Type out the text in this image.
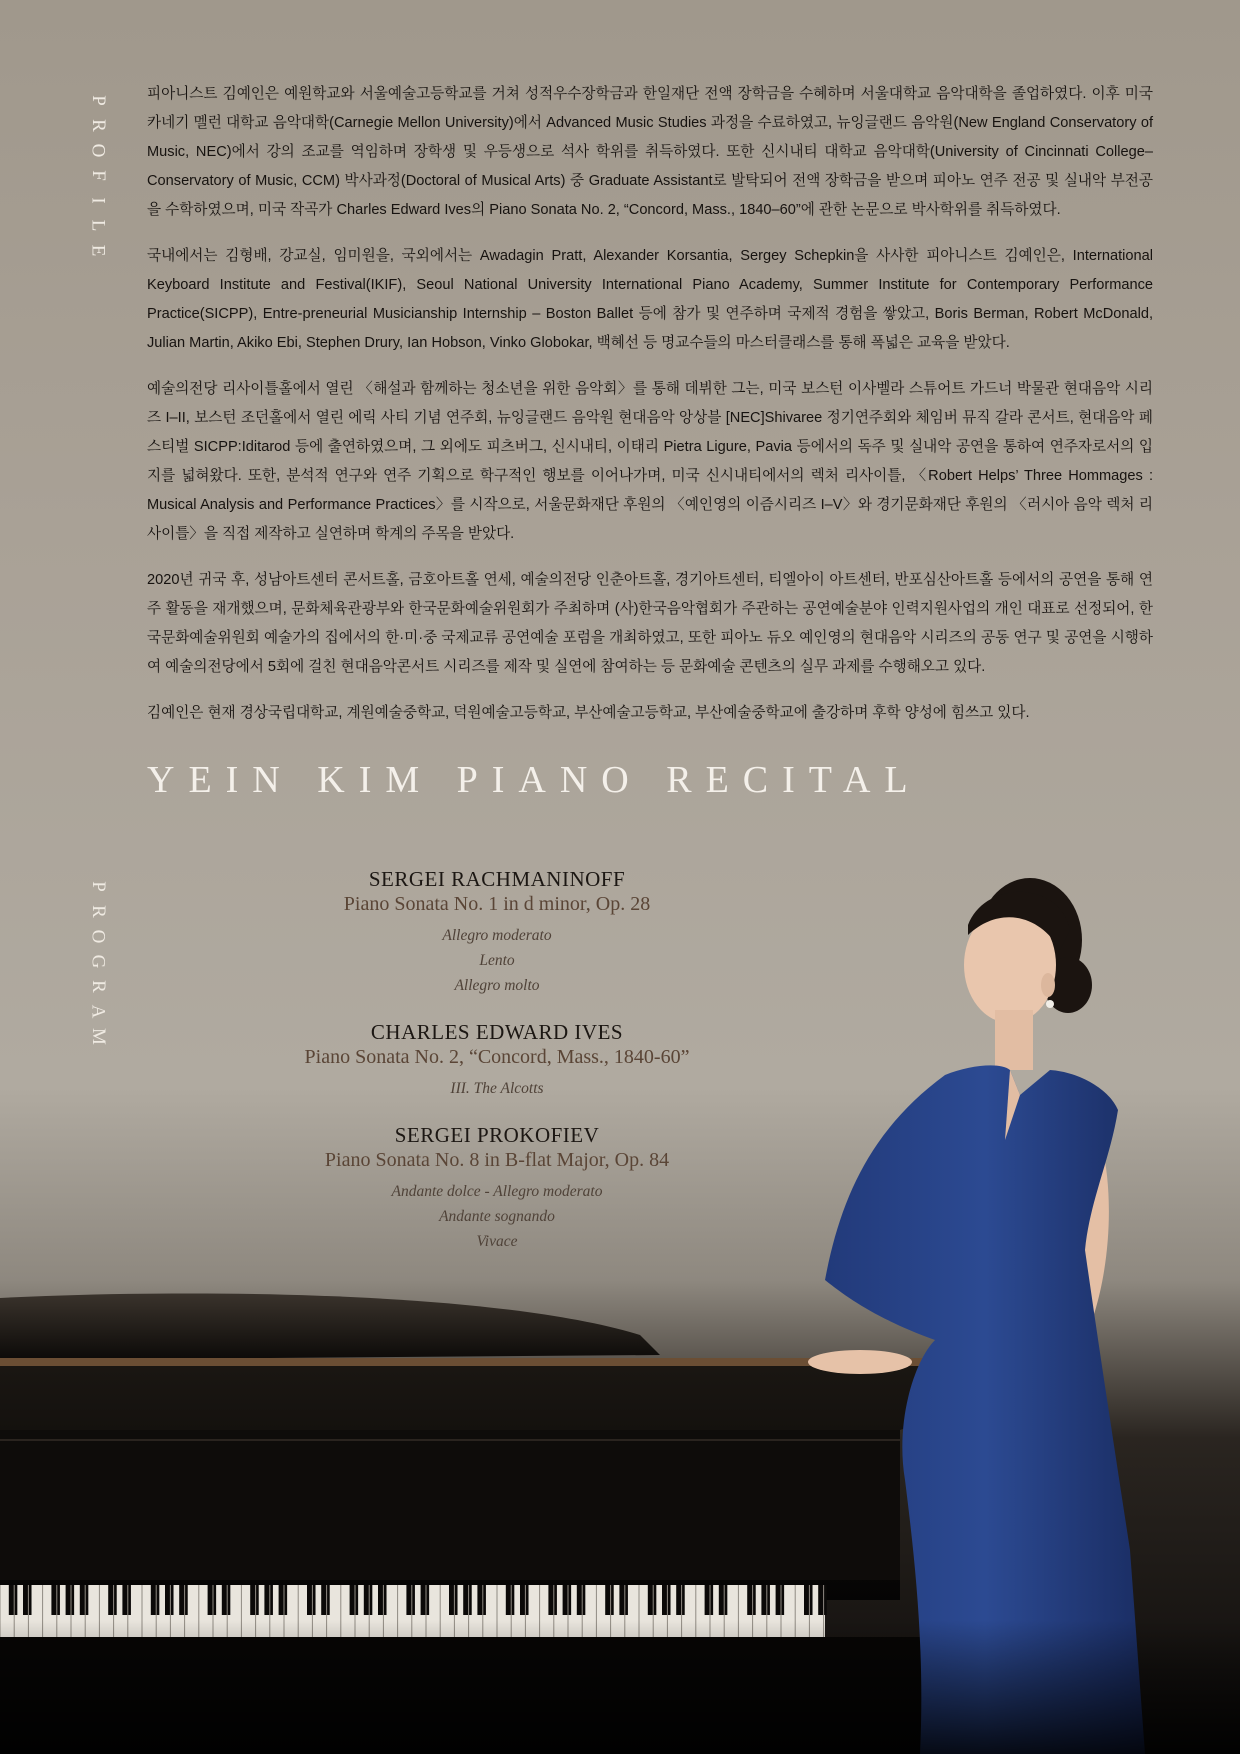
P
R
O
F
I
L
E
P
R
O
G
R
A
M

피아니스트 김예인은 예원학교와 서울예술고등학교를 거쳐 성적우수장학금과 한일재단 전액 장학금을 수혜하며 서울대학교 음악대학을 졸업하였다. 이후 미국 카네기 멜런 대학교 음악대학(Carnegie Mellon University)에서 Advanced Music Studies 과정을 수료하였고, 뉴잉글랜드 음악원(New England Conservatory of Music, NEC)에서 강의 조교를 역임하며 장학생 및 우등생으로 석사 학위를 취득하였다. 또한 신시내티 대학교 음악대학(University of Cincinnati College–Conservatory of Music, CCM) 박사과정(Doctoral of Musical Arts) 중 Graduate Assistant로 발탁되어 전액 장학금을 받으며 피아노 연주 전공 및 실내악 부전공을 수학하였으며, 미국 작곡가 Charles Edward Ives의 Piano Sonata No. 2, “Concord, Mass., 1840–60”에 관한 논문으로 박사학위를 취득하였다.

국내에서는 김형배, 강교실, 임미원을, 국외에서는 Awadagin Pratt, Alexander Korsantia, Sergey Schepkin을 사사한 피아니스트 김예인은, International Keyboard Institute and Festival(IKIF), Seoul National University International Piano Academy, Summer Institute for Contemporary Performance Practice(SICPP), Entre-preneurial Musicianship Internship – Boston Ballet 등에 참가 및 연주하며 국제적 경험을 쌓았고, Boris Berman, Robert McDonald, Julian Martin, Akiko Ebi, Stephen Drury, Ian Hobson, Vinko Globokar, 백혜선 등 명교수들의 마스터클래스를 통해 폭넓은 교육을 받았다.

예술의전당 리사이틀홀에서 열린 〈해설과 함께하는 청소년을 위한 음악회〉를 통해 데뷔한 그는, 미국 보스턴 이사벨라 스튜어트 가드너 박물관 현대음악 시리즈 I–II, 보스턴 조던홀에서 열린 에릭 사티 기념 연주회, 뉴잉글랜드 음악원 현대음악 앙상블 [NEC]Shivaree 정기연주회와 체임버 뮤직 갈라 콘서트, 현대음악 페스티벌 SICPP:Iditarod 등에 출연하였으며, 그 외에도 피츠버그, 신시내티, 이태리 Pietra Ligure, Pavia 등에서의 독주 및 실내악 공연을 통하여 연주자로서의 입지를 넓혀왔다. 또한, 분석적 연구와 연주 기획으로 학구적인 행보를 이어나가며, 미국 신시내티에서의 렉처 리사이틀, 〈Robert Helps’ Three Hommages : Musical Analysis and Performance Practices〉를 시작으로, 서울문화재단 후원의 〈예인영의 이즘시리즈 I–V〉와 경기문화재단 후원의 〈러시아 음악 렉처 리사이틀〉을 직접 제작하고 실연하며 학계의 주목을 받았다.

2020년 귀국 후, 성남아트센터 콘서트홀, 금호아트홀 연세, 예술의전당 인춘아트홀, 경기아트센터, 티엘아이 아트센터, 반포심산아트홀 등에서의 공연을 통해 연주 활동을 재개했으며, 문화체육관광부와 한국문화예술위원회가 주최하며 (사)한국음악협회가 주관하는 공연예술분야 인력지원사업의 개인 대표로 선정되어, 한국문화예술위원회 예술가의 집에서의 한·미·중 국제교류 공연예술 포럼을 개최하였고, 또한 피아노 듀오 예인영의 현대음악 시리즈의 공동 연구 및 공연을 시행하여 예술의전당에서 5회에 걸친 현대음악콘서트 시리즈를 제작 및 실연에 참여하는 등 문화예술 콘텐츠의 실무 과제를 수행해오고 있다.

김예인은 현재 경상국립대학교, 계원예술중학교, 덕원예술고등학교, 부산예술고등학교, 부산예술중학교에 출강하며 후학 양성에 힘쓰고 있다.

YEIN KIM PIANO RECITAL
SERGEI RACHMANINOFF
Piano Sonata No. 1 in d minor, Op. 28
Allegro moderato
Lento
Allegro molto
CHARLES EDWARD IVES
Piano Sonata No. 2, “Concord, Mass., 1840-60”
III. The Alcotts
SERGEI PROKOFIEV
Piano Sonata No. 8 in B-flat Major, Op. 84
Andante dolce - Allegro moderato
Andante sognando
Vivace
